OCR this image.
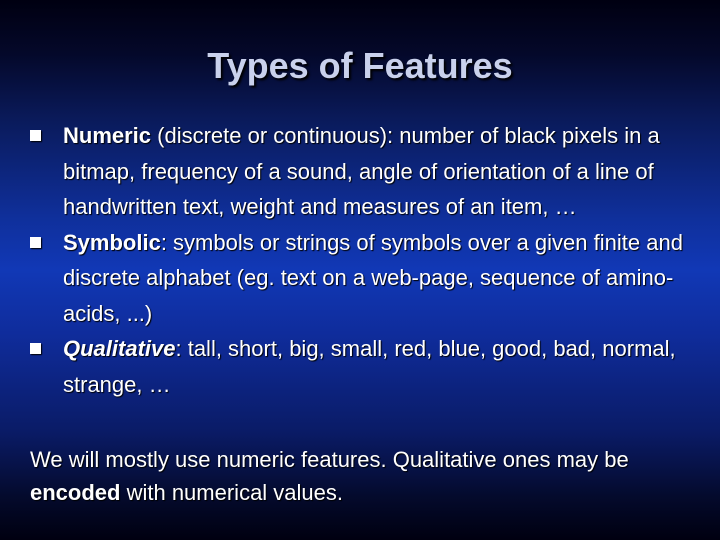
Types of Features
Numeric (discrete or continuous): number of black pixels in a bitmap, frequency of a sound, angle of orientation of a line of handwritten text, weight and measures of an item, …
Symbolic: symbols or strings of symbols over a given finite and discrete alphabet (eg. text on a web-page, sequence of amino-acids, ...)
Qualitative: tall, short, big, small, red, blue, good, bad, normal, strange, …

We will mostly use numeric features. Qualitative ones may be encoded with numerical values.
